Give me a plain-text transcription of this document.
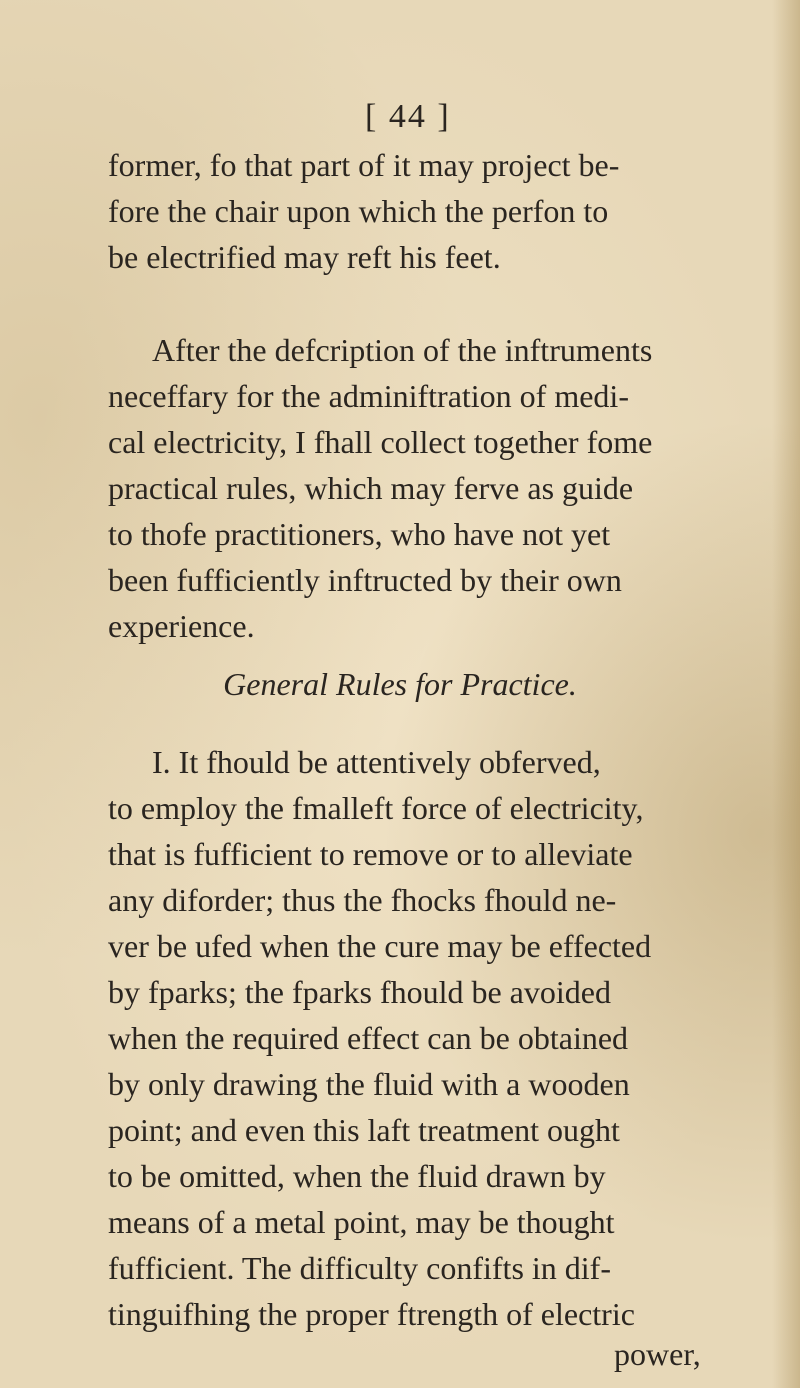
[ 44 ]
former, fo that part of it may project be-
fore the chair upon which the perfon to
be electrified may reft his feet.
After the defcription of the inftruments
neceffary for the adminiftration of medi-
cal electricity, I fhall collect together fome
practical rules, which may ferve as guide
to thofe practitioners, who have not yet
been fufficiently inftructed by their own
experience.
General Rules for Practice.
I. It fhould be attentively obferved,
to employ the fmalleft force of electricity,
that is fufficient to remove or to alleviate
any diforder; thus the fhocks fhould ne-
ver be ufed when the cure may be effected
by fparks; the fparks fhould be avoided
when the required effect can be obtained
by only drawing the fluid with a wooden
point; and even this laft treatment ought
to be omitted, when the fluid drawn by
means of a metal point, may be thought
fufficient. The difficulty confifts in dif-
tinguifhing the proper ftrength of electric
power,
